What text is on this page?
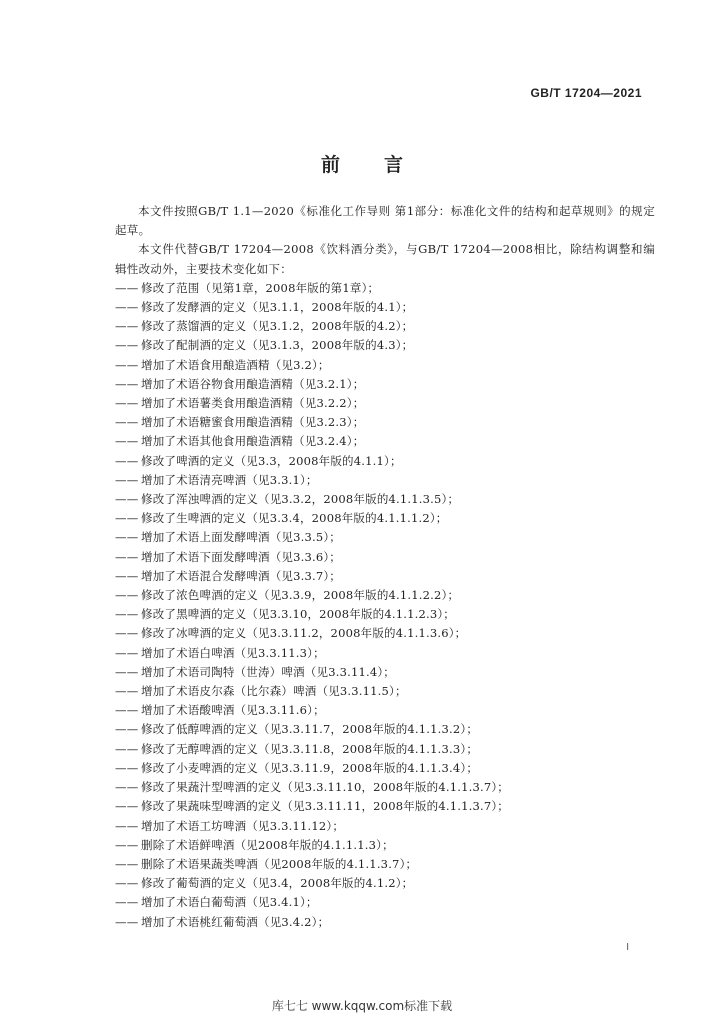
GB/T 17204—2021
前言
本文件按照GB/T 1.1—2020《标准化工作导则 第1部分：标准化文件的结构和起草规则》的规定起草。
本文件代替GB/T 17204—2008《饮料酒分类》，与GB/T 17204—2008相比，除结构调整和编辑性改动外，主要技术变化如下：
—— 修改了范围（见第1章，2008年版的第1章）；
—— 修改了发酵酒的定义（见3.1.1，2008年版的4.1）；
—— 修改了蒸馏酒的定义（见3.1.2，2008年版的4.2）；
—— 修改了配制酒的定义（见3.1.3，2008年版的4.3）；
—— 增加了术语食用酿造酒精（见3.2）；
—— 增加了术语谷物食用酿造酒精（见3.2.1）；
—— 增加了术语薯类食用酿造酒精（见3.2.2）；
—— 增加了术语糖蜜食用酿造酒精（见3.2.3）；
—— 增加了术语其他食用酿造酒精（见3.2.4）；
—— 修改了啤酒的定义（见3.3，2008年版的4.1.1）；
—— 增加了术语清亮啤酒（见3.3.1）；
—— 修改了浑浊啤酒的定义（见3.3.2，2008年版的4.1.1.3.5）；
—— 修改了生啤酒的定义（见3.3.4，2008年版的4.1.1.1.2）；
—— 增加了术语上面发酵啤酒（见3.3.5）；
—— 增加了术语下面发酵啤酒（见3.3.6）；
—— 增加了术语混合发酵啤酒（见3.3.7）；
—— 修改了浓色啤酒的定义（见3.3.9，2008年版的4.1.1.2.2）；
—— 修改了黑啤酒的定义（见3.3.10，2008年版的4.1.1.2.3）；
—— 修改了冰啤酒的定义（见3.3.11.2，2008年版的4.1.1.3.6）；
—— 增加了术语白啤酒（见3.3.11.3）；
—— 增加了术语司陶特（世涛）啤酒（见3.3.11.4）；
—— 增加了术语皮尔森（比尔森）啤酒（见3.3.11.5）；
—— 增加了术语酸啤酒（见3.3.11.6）；
—— 修改了低醇啤酒的定义（见3.3.11.7，2008年版的4.1.1.3.2）；
—— 修改了无醇啤酒的定义（见3.3.11.8，2008年版的4.1.1.3.3）；
—— 修改了小麦啤酒的定义（见3.3.11.9，2008年版的4.1.1.3.4）；
—— 修改了果蔬汁型啤酒的定义（见3.3.11.10，2008年版的4.1.1.3.7）；
—— 修改了果蔬味型啤酒的定义（见3.3.11.11，2008年版的4.1.1.3.7）；
—— 增加了术语工坊啤酒（见3.3.11.12）；
—— 删除了术语鲜啤酒（见2008年版的4.1.1.1.3）；
—— 删除了术语果蔬类啤酒（见2008年版的4.1.1.3.7）；
—— 修改了葡萄酒的定义（见3.4，2008年版的4.1.2）；
—— 增加了术语白葡萄酒（见3.4.1）；
—— 增加了术语桃红葡萄酒（见3.4.2）；
I
库七七 www.kqqw.com标准下载
